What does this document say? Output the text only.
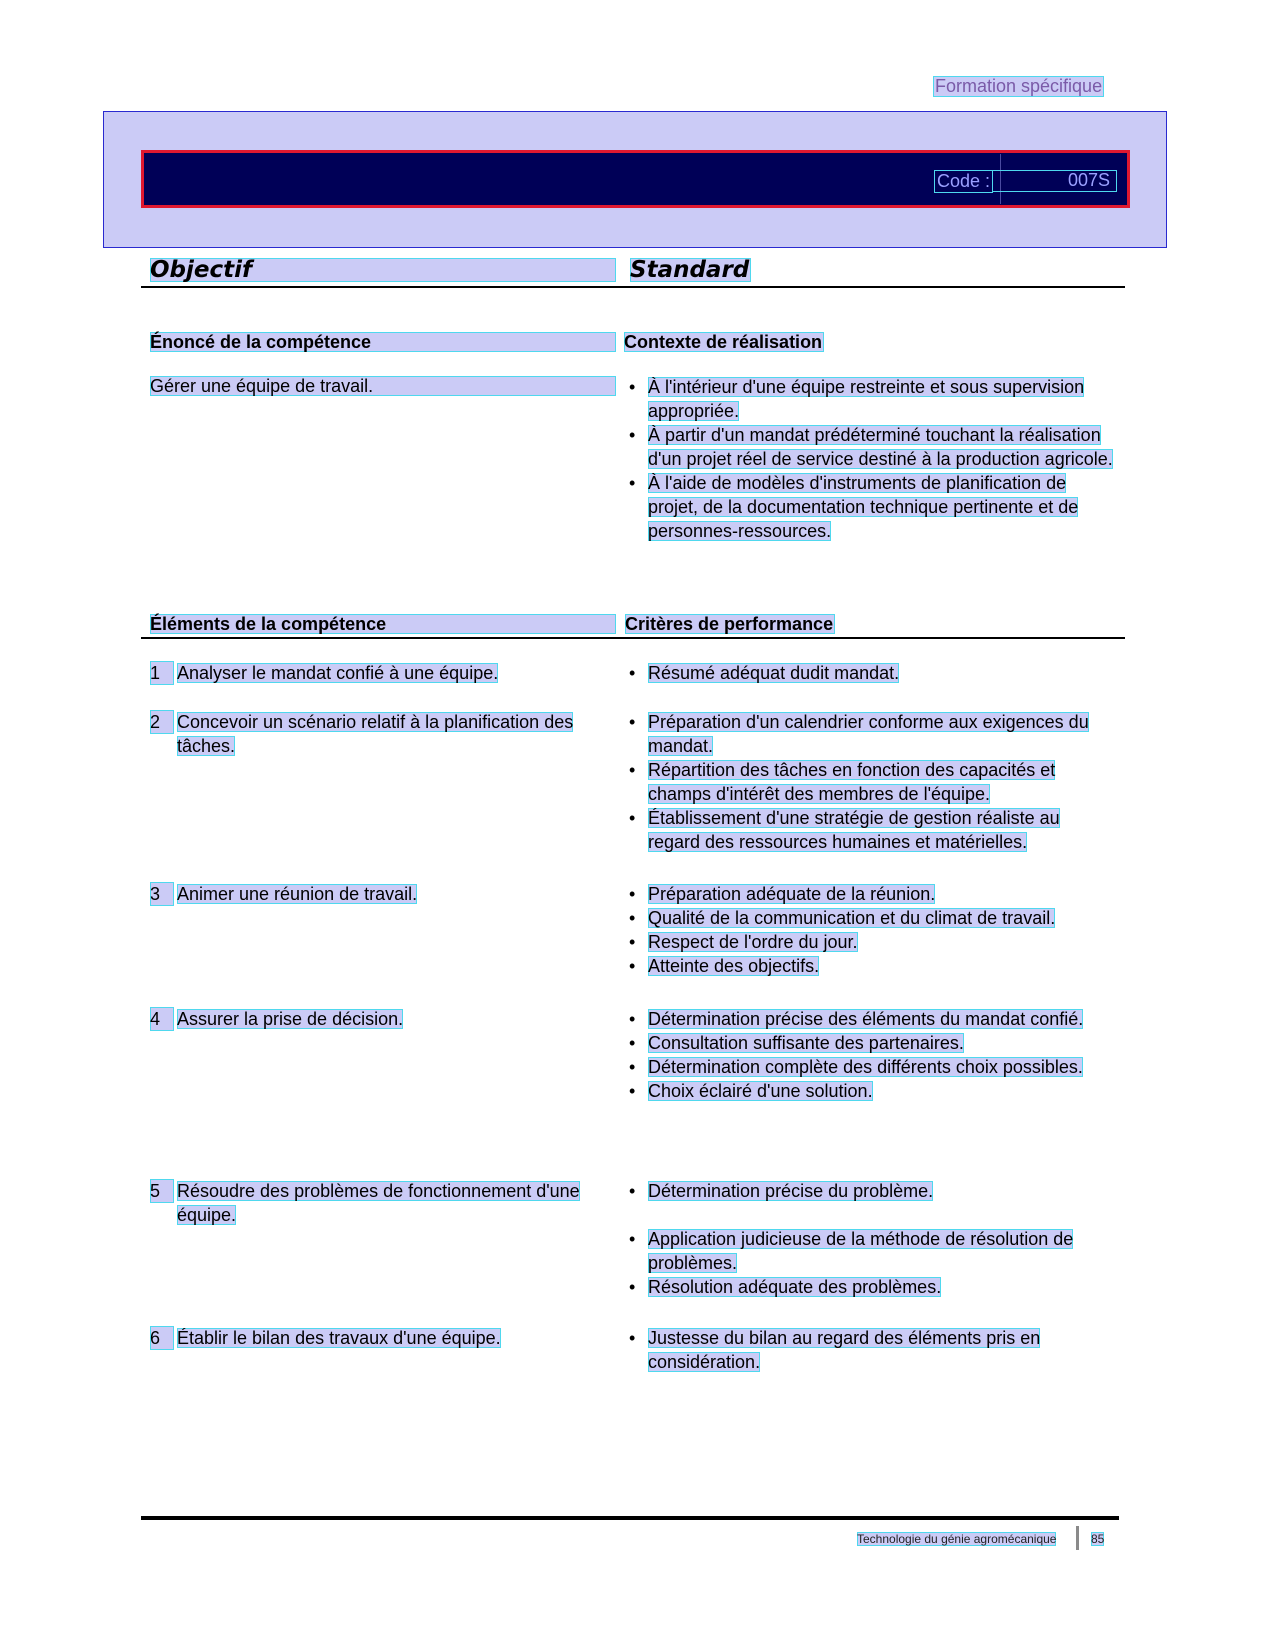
Formation spécifique
Code :	007S
Objectif	Standard
Énoncé de la compétence	Contexte de réalisation
Gérer une équipe de travail.	• À l'intérieur d'une équipe restreinte et sous supervision appropriée.
• À partir d'un mandat prédéterminé touchant la réalisation d'un projet réel de service destiné à la production agricole.
• À l'aide de modèles d'instruments de planification de projet, de la documentation technique pertinente et de personnes-ressources.
Éléments de la compétence	Critères de performance
1 Analyser le mandat confié à une équipe.	• Résumé adéquat dudit mandat.
2 Concevoir un scénario relatif à la planification des tâches.
• Préparation d'un calendrier conforme aux exigences du mandat.
• Répartition des tâches en fonction des capacités et champs d'intérêt des membres de l'équipe.
• Établissement d'une stratégie de gestion réaliste au regard des ressources humaines et matérielles.
3 Animer une réunion de travail.	• Préparation adéquate de la réunion.
• Qualité de la communication et du climat de travail.
• Respect de l'ordre du jour.
• Atteinte des objectifs.
4 Assurer la prise de décision.	• Détermination précise des éléments du mandat confié.
• Consultation suffisante des partenaires.
• Détermination complète des différents choix possibles.
• Choix éclairé d'une solution.
5 Résoudre des problèmes de fonctionnement d'une équipe.
• Détermination précise du problème.
• Application judicieuse de la méthode de résolution de problèmes.
• Résolution adéquate des problèmes.
6 Établir le bilan des travaux d'une équipe.	• Justesse du bilan au regard des éléments pris en considération.
Technologie du génie agromécanique	85
